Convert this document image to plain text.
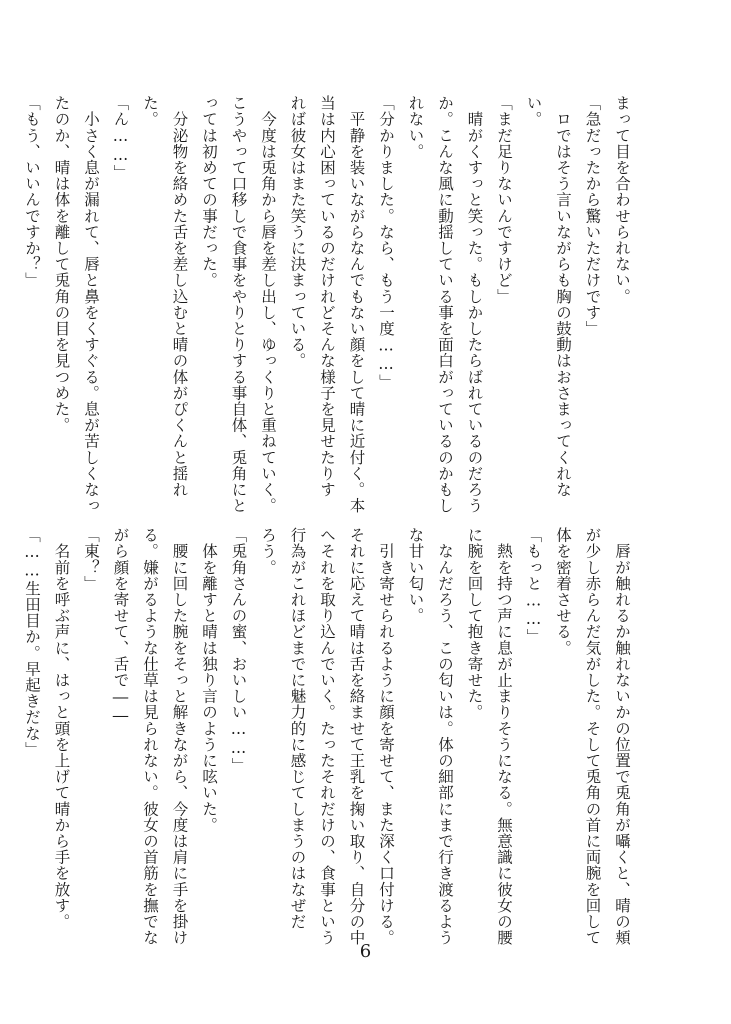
まって目を合わせられない。
「急だったから驚いただけです」
　ロではそう言いながらも胸の鼓動はおさまってくれな
い。
「まだ足りないんですけど」
　晴がくすっと笑った。もしかしたらばれているのだろう
か。こんな風に動揺している事を面白がっているのかもし
れない。
「分かりました。なら、もう一度……」
　平静を装いながらなんでもない顔をして晴に近付く。本
当は内心困っているのだけれどそんな様子を見せたりす
れば彼女はまた笑うに決まっている。
　今度は兎角から唇を差し出し、ゆっくりと重ねていく。
こうやって口移しで食事をやりとりする事自体、兎角にと
っては初めての事だった。
　分泌物を絡めた舌を差し込むと晴の体がぴくんと揺れ
た。
「ん……」
　小さく息が漏れて、唇と鼻をくすぐる。息が苦しくなっ
たのか、晴は体を離して兎角の目を見つめた。
「もう、いいんですか？」
　唇が触れるか触れないかの位置で兎角が囁くと、晴の頬
が少し赤らんだ気がした。そして兎角の首に両腕を回して
体を密着させる。
「もっと……」
　熱を持つ声に息が止まりそうになる。無意識に彼女の腰
に腕を回して抱き寄せた。
　なんだろう、この匂いは。体の細部にまで行き渡るよう
な甘い匂い。
　引き寄せられるように顔を寄せて、また深く口付ける。
それに応えて晴は舌を絡ませて王乳を掬い取り、自分の中
へそれを取り込んでいく。たったそれだけの、食事という
行為がこれほどまでに魅力的に感じてしまうのはなぜだ
ろう。
「兎角さんの蜜、おいしい……」
　体を離すと晴は独り言のように呟いた。
　腰に回した腕をそっと解きながら、今度は肩に手を掛け
る。嫌がるような仕草は見られない。彼女の首筋を撫でな
がら顔を寄せて、舌で――
「東？」
　名前を呼ぶ声に、はっと頭を上げて晴から手を放す。
「……生田目か。早起きだな」
6
